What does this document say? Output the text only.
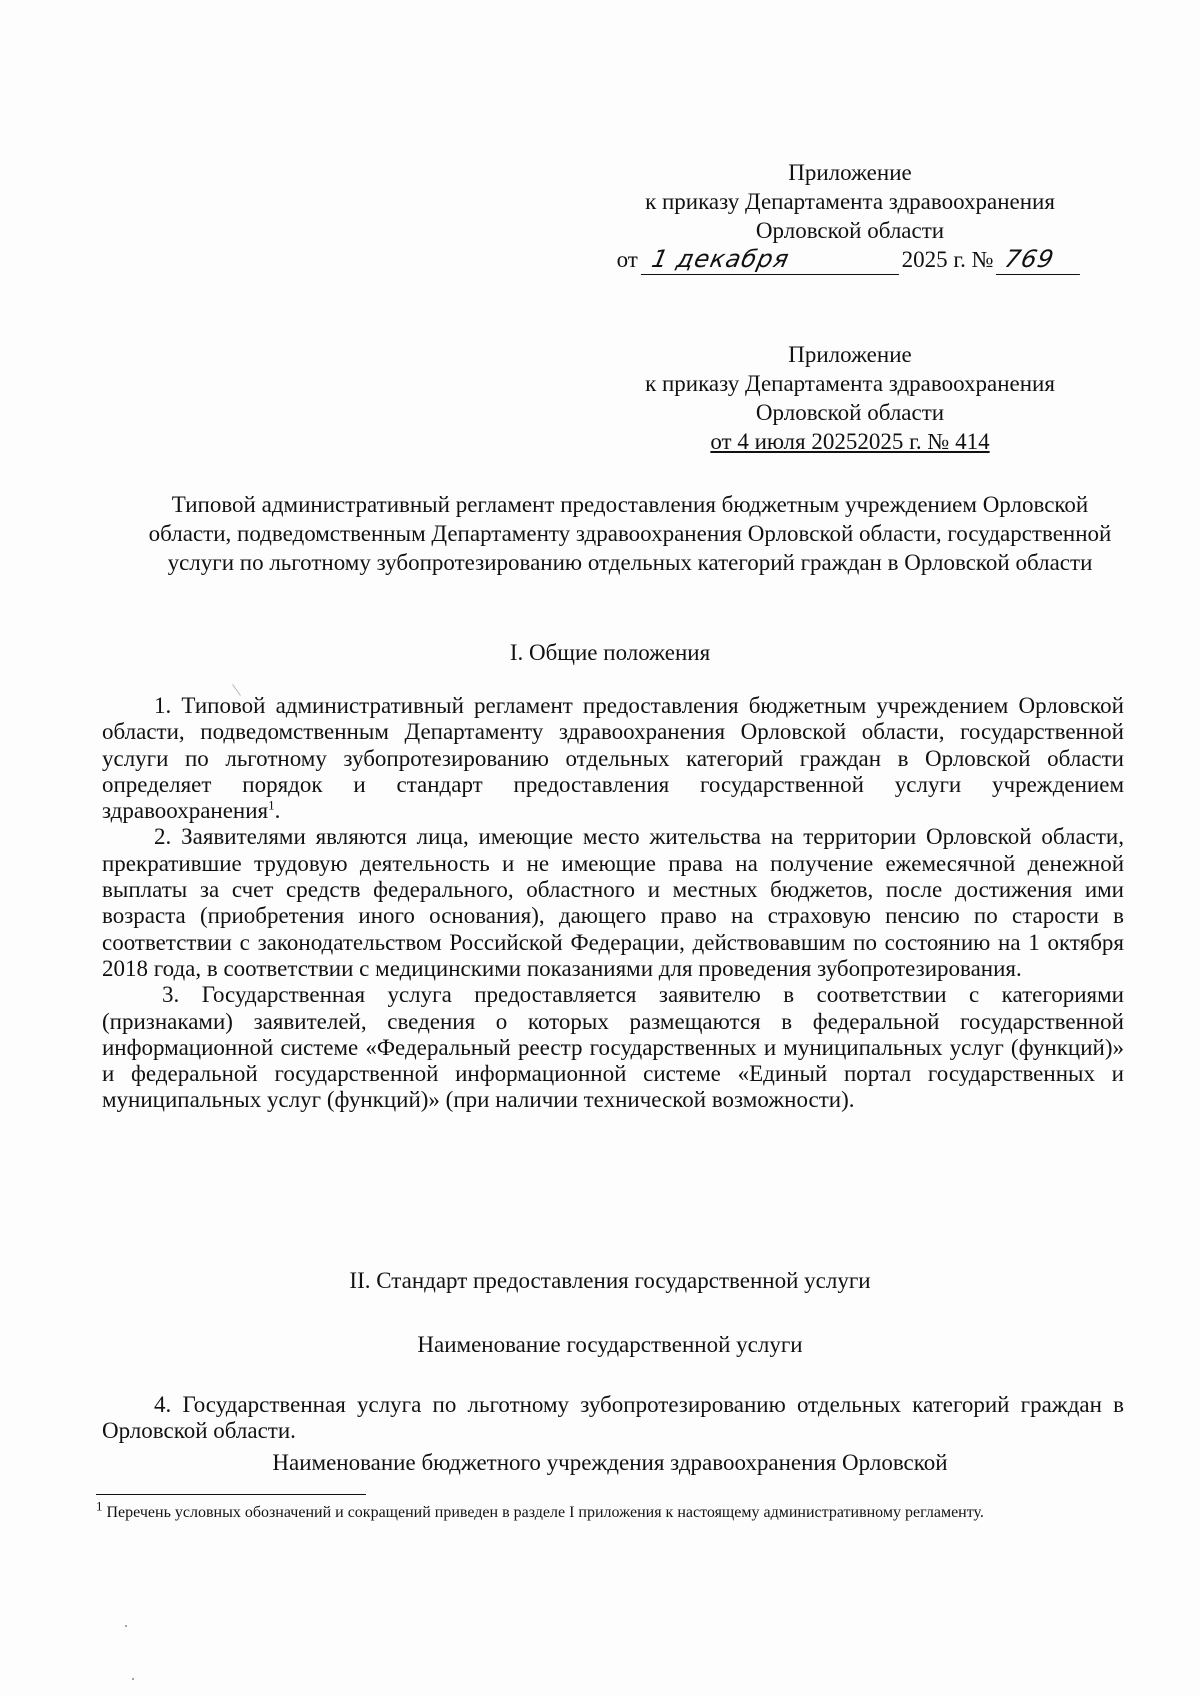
Приложение
к приказу Департамента здравоохранения
Орловской области
от 1 декабря	2025 г. № 769
Приложение
к приказу Департамента здравоохранения
Орловской области
от 4 июля 20252025 г. № 414
Типовой административный регламент предоставления бюджетным учреждением Орловской области, подведомственным Департаменту здравоохранения Орловской области, государственной услуги по льготному зубопротезированию отдельных категорий граждан в Орловской области
I. Общие положения

1. Типовой административный регламент предоставления бюджетным учреждением Орловской области, подведомственным Департаменту здравоохранения Орловской области, государственной услуги по льготному зубопротезированию отдельных категорий граждан в Орловской области определяет порядок и стандарт предоставления государственной услуги учреждением здравоохранения$^1$.

2. Заявителями являются лица, имеющие место жительства на территории Орловской области, прекратившие трудовую деятельность и не имеющие права на получение ежемесячной денежной выплаты за счет средств федерального, областного и местных бюджетов, после достижения ими возраста (приобретения иного основания), дающего право на страховую пенсию по старости в соответствии с законодательством Российской Федерации, действовавшим по состоянию на 1 октября 2018 года, в соответствии с медицинскими показаниями для проведения зубопротезирования.

3. Государственная услуга предоставляется заявителю в соответствии с категориями (признаками) заявителей, сведения о которых размещаются в федеральной государственной информационной системе «Федеральный реестр государственных и муниципальных услуг (функций)» и федеральной государственной информационной системе «Единый портал государственных и муниципальных услуг (функций)» (при наличии технической возможности).

II. Стандарт предоставления государственной услуги
Наименование государственной услуги

4. Государственная услуга по льготному зубопротезированию отдельных категорий граждан в Орловской области.

Наименование бюджетного учреждения здравоохранения Орловской
$^1$ Перечень условных обозначений и сокращений приведен в разделе I приложения к настоящему административному регламенту.
